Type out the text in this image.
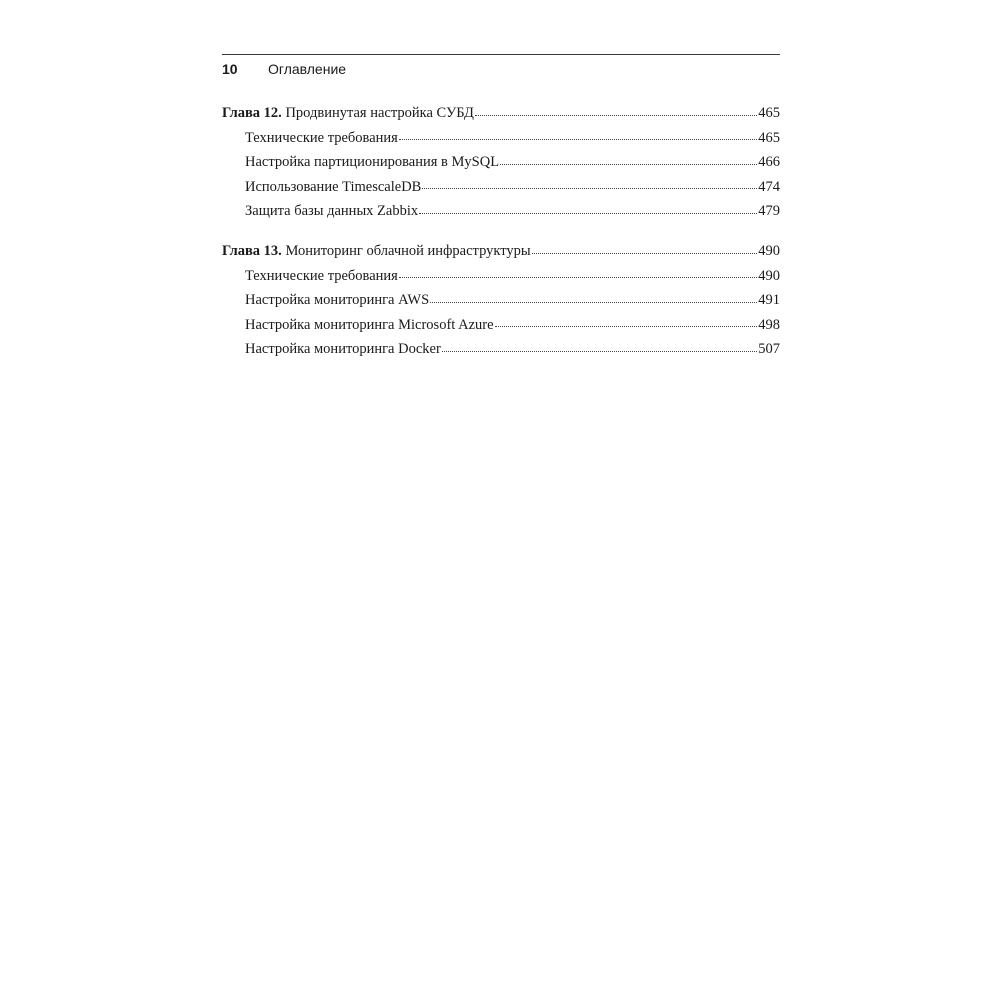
10 Оглавление
Глава 12. Продвинутая настройка СУБД	465
Технические требования	465
Настройка партиционирования в MySQL	466
Использование TimescaleDB	474
Защита базы данных Zabbix	479
Глава 13. Мониторинг облачной инфраструктуры	490
Технические требования	490
Настройка мониторинга AWS	491
Настройка мониторинга Microsoft Azure	498
Настройка мониторинга Docker	507
